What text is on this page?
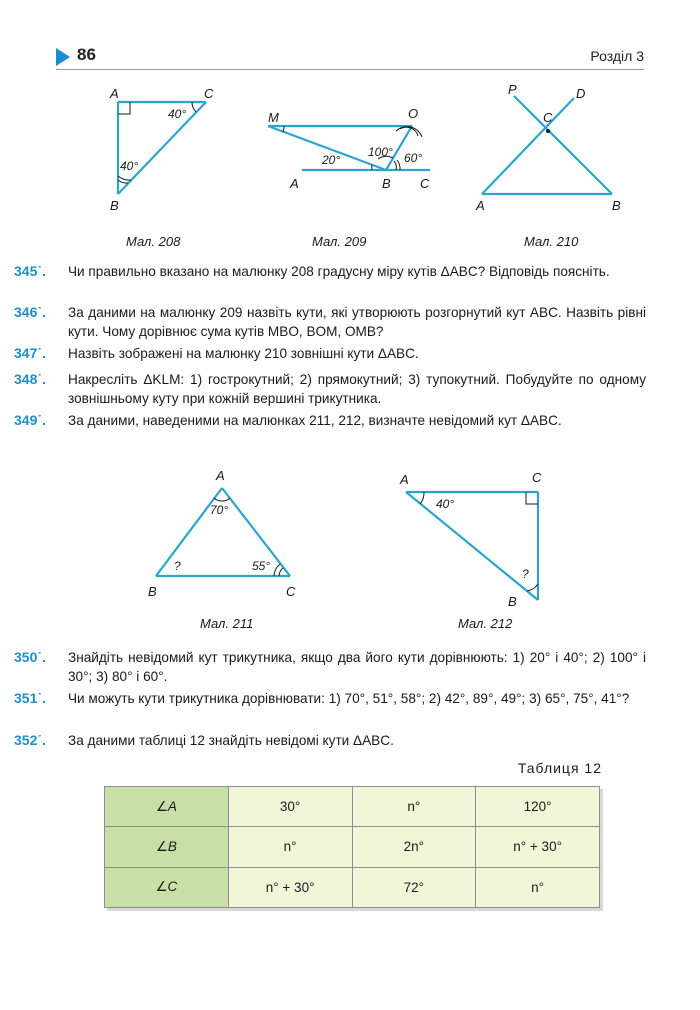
86	Розділ 3
A	C
B
40°
40°
Мал. 208
M	O
A	B C
20°
100° 60°
Мал. 209
P	D
C
A	B
Мал. 210
345˙.	Чи правильно вказано на малюнку 208 градусну міру кутів ΔABC? Відповідь поясніть.
346˙.	За даними на малюнку 209 назвіть кути, які утворюють розгорнутий кут ABC. Назвіть рівні кути. Чому дорівнює сума кутів MBO, BOM, OMB?
347˙.	Назвіть зображені на малюнку 210 зовнішні кути ΔABC.
348˙.	Накресліть ΔKLM: 1) гострокутний; 2) прямокутний; 3) тупокутний. Побудуйте по одному зовнішньому куту при кожній вершині трикутника.
349˙.	За даними, наведеними на малюнках 211, 212, визначте невідомий кут ΔABC.
A
B	C
70°
?	55°
Мал. 211
A	C
B
40°
?
Мал. 212
350˙.	Знайдіть невідомий кут трикутника, якщо два його кути дорівнюють: 1) 20° і 40°; 2) 100° і 30°; 3) 80° і 60°.
351˙.	Чи можуть кути трикутника дорівнювати: 1) 70°, 51°, 58°; 2) 42°, 89°, 49°; 3) 65°, 75°, 41°?
352˙.	За даними таблиці 12 знайдіть невідомі кути ΔABC.
Таблиця 12
∠A	30°	n°	120°
∠B	n°	2n°	n° + 30°
∠C	n° + 30°	72°	n°
